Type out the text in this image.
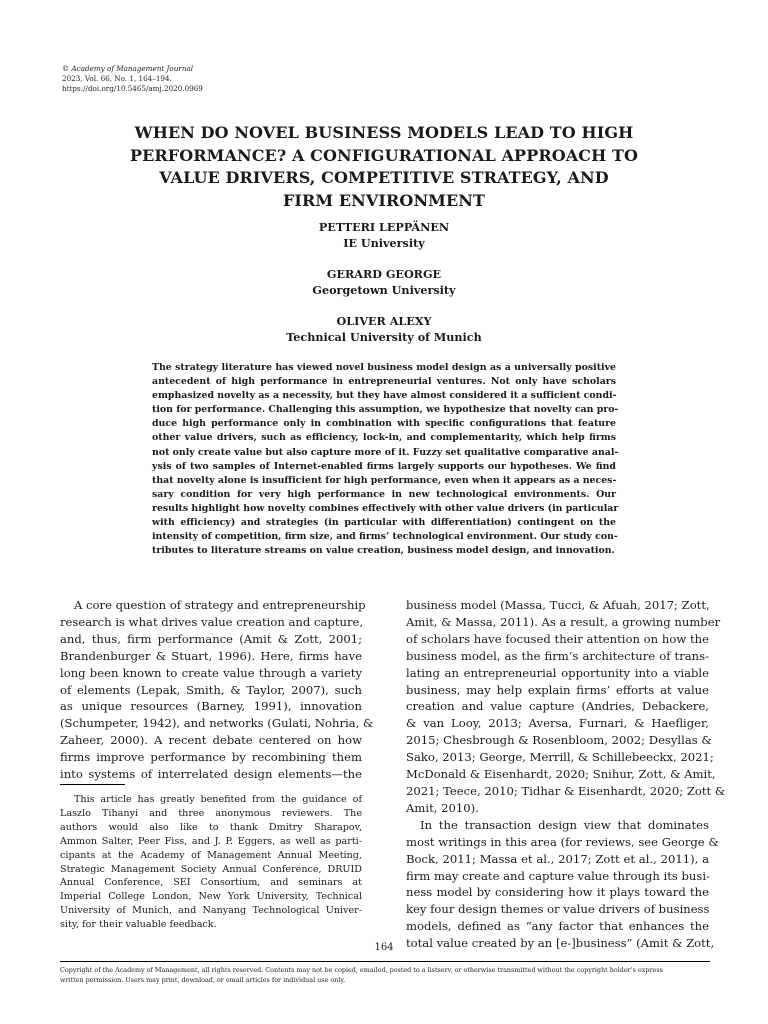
© Academy of Management Journal
2023, Vol. 66, No. 1, 164–194.
https://doi.org/10.5465/amj.2020.0969
WHEN DO NOVEL BUSINESS MODELS LEAD TO HIGH
PERFORMANCE? A CONFIGURATIONAL APPROACH TO
VALUE DRIVERS, COMPETITIVE STRATEGY, AND
FIRM ENVIRONMENT
PETTERI LEPPÄNEN
IE University
GERARD GEORGE
Georgetown University
OLIVER ALEXY
Technical University of Munich
The strategy literature has viewed novel business model design as a universally positive
antecedent of high performance in entrepreneurial ventures. Not only have scholars
emphasized novelty as a necessity, but they have almost considered it a sufficient condi-
tion for performance. Challenging this assumption, we hypothesize that novelty can pro-
duce high performance only in combination with specific configurations that feature
other value drivers, such as efficiency, lock-in, and complementarity, which help firms
not only create value but also capture more of it. Fuzzy set qualitative comparative anal-
ysis of two samples of Internet-enabled firms largely supports our hypotheses. We find
that novelty alone is insufficient for high performance, even when it appears as a neces-
sary condition for very high performance in new technological environments. Our
results highlight how novelty combines effectively with other value drivers (in particular
with efficiency) and strategies (in particular with differentiation) contingent on the
intensity of competition, firm size, and firms’ technological environment. Our study con-
tributes to literature streams on value creation, business model design, and innovation.
A core question of strategy and entrepreneurship
research is what drives value creation and capture,
and, thus, firm performance (Amit & Zott, 2001;
Brandenburger & Stuart, 1996). Here, firms have
long been known to create value through a variety
of elements (Lepak, Smith, & Taylor, 2007), such
as unique resources (Barney, 1991), innovation
(Schumpeter, 1942), and networks (Gulati, Nohria, &
Zaheer, 2000). A recent debate centered on how
firms improve performance by recombining them
into systems of interrelated design elements—the
This article has greatly benefited from the guidance of
Laszlo Tihanyi and three anonymous reviewers. The
authors would also like to thank Dmitry Sharapov,
Ammon Salter, Peer Fiss, and J. P. Eggers, as well as parti-
cipants at the Academy of Management Annual Meeting,
Strategic Management Society Annual Conference, DRUID
Annual Conference, SEI Consortium, and seminars at
Imperial College London, New York University, Technical
University of Munich, and Nanyang Technological Univer-
sity, for their valuable feedback.
business model (Massa, Tucci, & Afuah, 2017; Zott,
Amit, & Massa, 2011). As a result, a growing number
of scholars have focused their attention on how the
business model, as the firm’s architecture of trans-
lating an entrepreneurial opportunity into a viable
business, may help explain firms’ efforts at value
creation and value capture (Andries, Debackere,
& van Looy, 2013; Aversa, Furnari, & Haefliger,
2015; Chesbrough & Rosenbloom, 2002; Desyllas &
Sako, 2013; George, Merrill, & Schillebeeckx, 2021;
McDonald & Eisenhardt, 2020; Snihur, Zott, & Amit,
2021; Teece, 2010; Tidhar & Eisenhardt, 2020; Zott &
Amit, 2010).
In the transaction design view that dominates
most writings in this area (for reviews, see George &
Bock, 2011; Massa et al., 2017; Zott et al., 2011), a
firm may create and capture value through its busi-
ness model by considering how it plays toward the
key four design themes or value drivers of business
models, defined as “any factor that enhances the
total value created by an [e-]business” (Amit & Zott,
164
Copyright of the Academy of Management, all rights reserved. Contents may not be copied, emailed, posted to a listserv, or otherwise transmitted without the copyright holder’s express
written permission. Users may print, download, or email articles for individual use only.
